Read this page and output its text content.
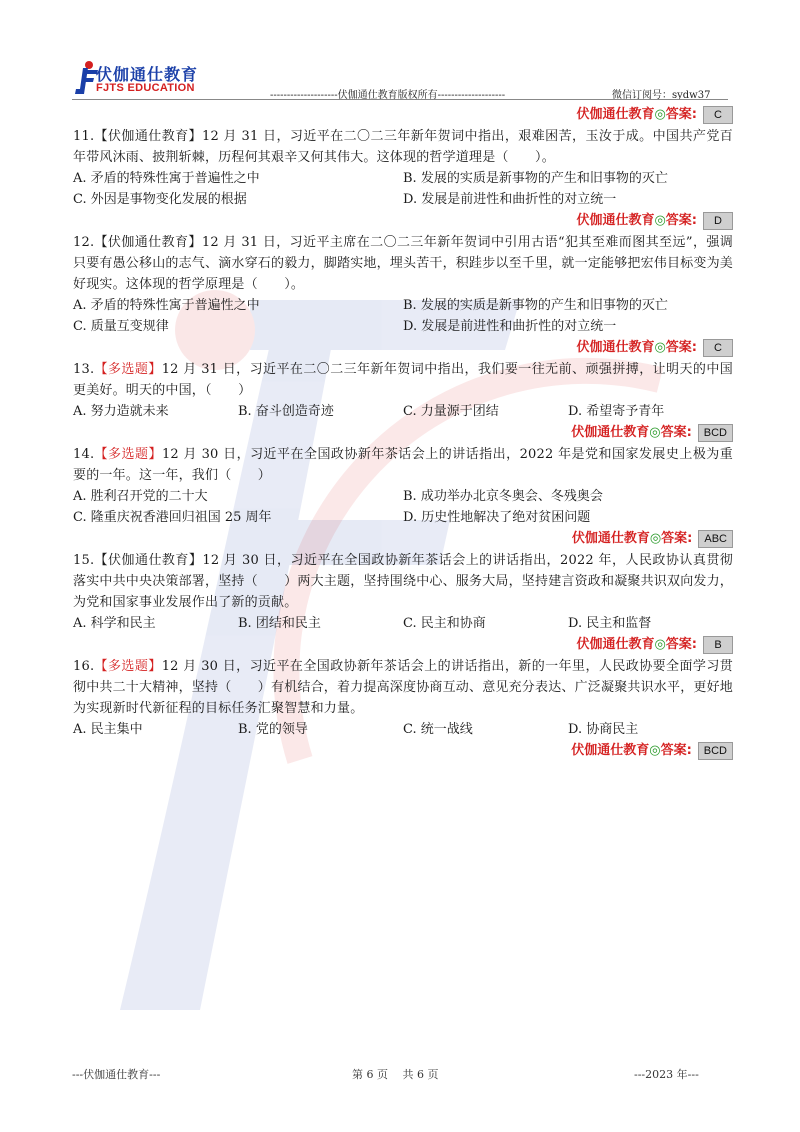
伏伽通仕教育
FJTS EDUCATION
--------------------伏伽通仕教育版权所有--------------------	微信订阅号：sydw37
伏伽通仕教育◎答案: C
11.【伏伽通仕教育】12 月 31 日，习近平在二〇二三年新年贺词中指出，艰难困苦，玉汝于成。中国共产党百年带风沐雨、披荆斩棘，历程何其艰辛又何其伟大。这体现的哲学道理是（　　）。
A. 矛盾的特殊性寓于普遍性之中	B. 发展的实质是新事物的产生和旧事物的灭亡
C. 外因是事物变化发展的根据	D. 发展是前进性和曲折性的对立统一
伏伽通仕教育◎答案: D
12.【伏伽通仕教育】12 月 31 日，习近平主席在二〇二三年新年贺词中引用古语“犯其至难而图其至远”，强调只要有愚公移山的志气、滴水穿石的毅力，脚踏实地，埋头苦干，积跬步以至千里，就一定能够把宏伟目标变为美好现实。这体现的哲学原理是（　　）。
A. 矛盾的特殊性寓于普遍性之中	B. 发展的实质是新事物的产生和旧事物的灭亡
C. 质量互变规律	D. 发展是前进性和曲折性的对立统一
伏伽通仕教育◎答案: C
13.【多选题】12 月 31 日，习近平在二〇二三年新年贺词中指出，我们要一往无前、顽强拼搏，让明天的中国更美好。明天的中国，（　　）
A. 努力造就未来	B. 奋斗创造奇迹	C. 力量源于团结	D. 希望寄予青年
伏伽通仕教育◎答案: BCD
14.【多选题】12 月 30 日，习近平在全国政协新年茶话会上的讲话指出，2022 年是党和国家发展史上极为重要的一年。这一年，我们（　　）
A. 胜利召开党的二十大	B. 成功举办北京冬奥会、冬残奥会
C. 隆重庆祝香港回归祖国 25 周年	D. 历史性地解决了绝对贫困问题
伏伽通仕教育◎答案: ABC
15.【伏伽通仕教育】12 月 30 日，习近平在全国政协新年茶话会上的讲话指出，2022 年，人民政协认真贯彻落实中共中央决策部署，坚持（　　）两大主题，坚持围绕中心、服务大局，坚持建言资政和凝聚共识双向发力，为党和国家事业发展作出了新的贡献。
A. 科学和民主	B. 团结和民主	C. 民主和协商	D. 民主和监督
伏伽通仕教育◎答案: B
16.【多选题】12 月 30 日，习近平在全国政协新年茶话会上的讲话指出，新的一年里，人民政协要全面学习贯彻中共二十大精神，坚持（　　）有机结合，着力提高深度协商互动、意见充分表达、广泛凝聚共识水平，更好地为实现新时代新征程的目标任务汇聚智慧和力量。
A. 民主集中	B. 党的领导	C. 统一战线	D. 协商民主
伏伽通仕教育◎答案: BCD
---伏伽通仕教育---	第 6 页　 共 6 页	---2023 年---
